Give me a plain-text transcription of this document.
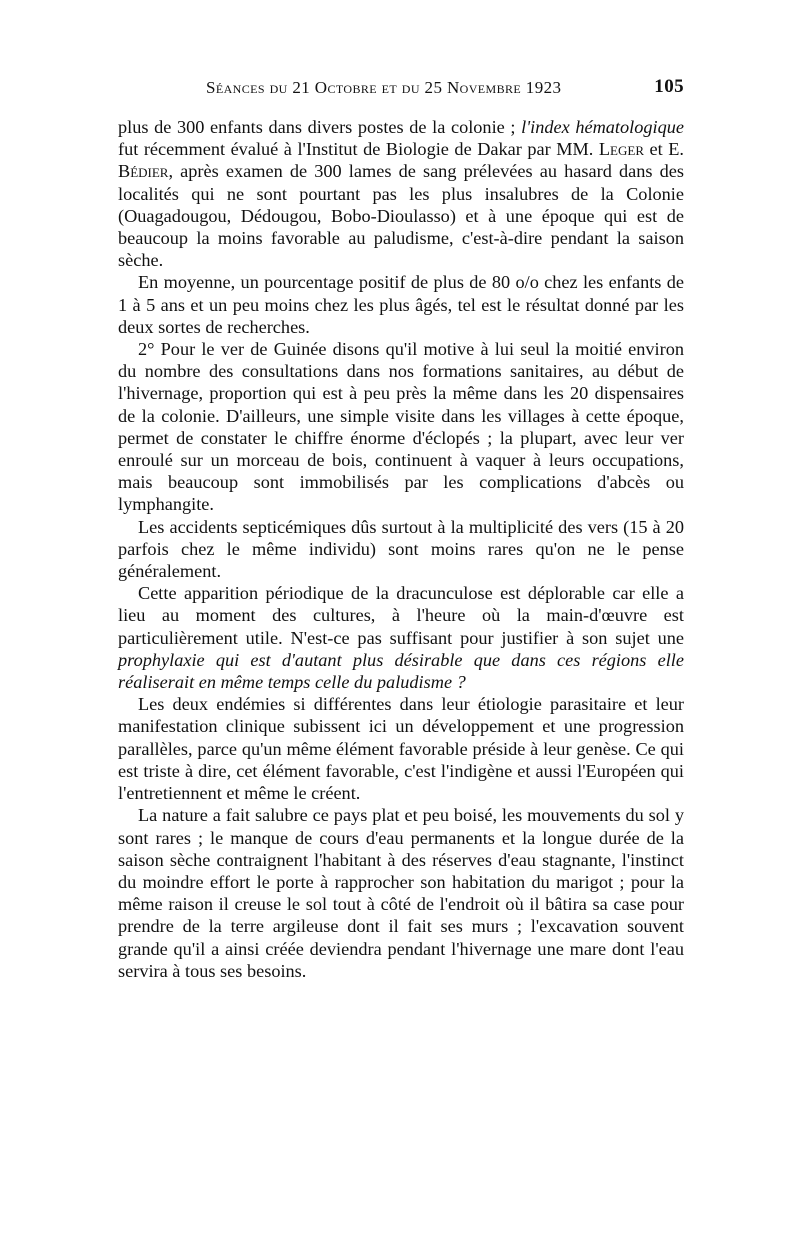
Séances du 21 Octobre et du 25 Novembre 1923	105

plus de 300 enfants dans divers postes de la colonie ; l'index hématologique fut récemment évalué à l'Institut de Biologie de Dakar par MM. Leger et E. Bédier, après examen de 300 lames de sang prélevées au hasard dans des localités qui ne sont pourtant pas les plus insalubres de la Colonie (Ouagadougou, Dédougou, Bobo-Dioulasso) et à une époque qui est de beaucoup la moins favorable au paludisme, c'est-à-dire pendant la saison sèche.

En moyenne, un pourcentage positif de plus de 80 o/o chez les enfants de 1 à 5 ans et un peu moins chez les plus âgés, tel est le résultat donné par les deux sortes de recherches.

2° Pour le ver de Guinée disons qu'il motive à lui seul la moitié environ du nombre des consultations dans nos formations sanitaires, au début de l'hivernage, proportion qui est à peu près la même dans les 20 dispensaires de la colonie. D'ailleurs, une simple visite dans les villages à cette époque, permet de constater le chiffre énorme d'éclopés ; la plupart, avec leur ver enroulé sur un morceau de bois, continuent à vaquer à leurs occupations, mais beaucoup sont immobilisés par les complications d'abcès ou lymphangite.

Les accidents septicémiques dûs surtout à la multiplicité des vers (15 à 20 parfois chez le même individu) sont moins rares qu'on ne le pense généralement.

Cette apparition périodique de la dracunculose est déplorable car elle a lieu au moment des cultures, à l'heure où la main-d'œuvre est particulièrement utile. N'est-ce pas suffisant pour justifier à son sujet une prophylaxie qui est d'autant plus désirable que dans ces régions elle réaliserait en même temps celle du paludisme ?

Les deux endémies si différentes dans leur étiologie parasitaire et leur manifestation clinique subissent ici un développement et une progression parallèles, parce qu'un même élément favorable préside à leur genèse. Ce qui est triste à dire, cet élément favorable, c'est l'indigène et aussi l'Européen qui l'entretiennent et même le créent.

La nature a fait salubre ce pays plat et peu boisé, les mouvements du sol y sont rares ; le manque de cours d'eau permanents et la longue durée de la saison sèche contraignent l'habitant à des réserves d'eau stagnante, l'instinct du moindre effort le porte à rapprocher son habitation du marigot ; pour la même raison il creuse le sol tout à côté de l'endroit où il bâtira sa case pour prendre de la terre argileuse dont il fait ses murs ; l'excavation souvent grande qu'il a ainsi créée deviendra pendant l'hivernage une mare dont l'eau servira à tous ses besoins.
